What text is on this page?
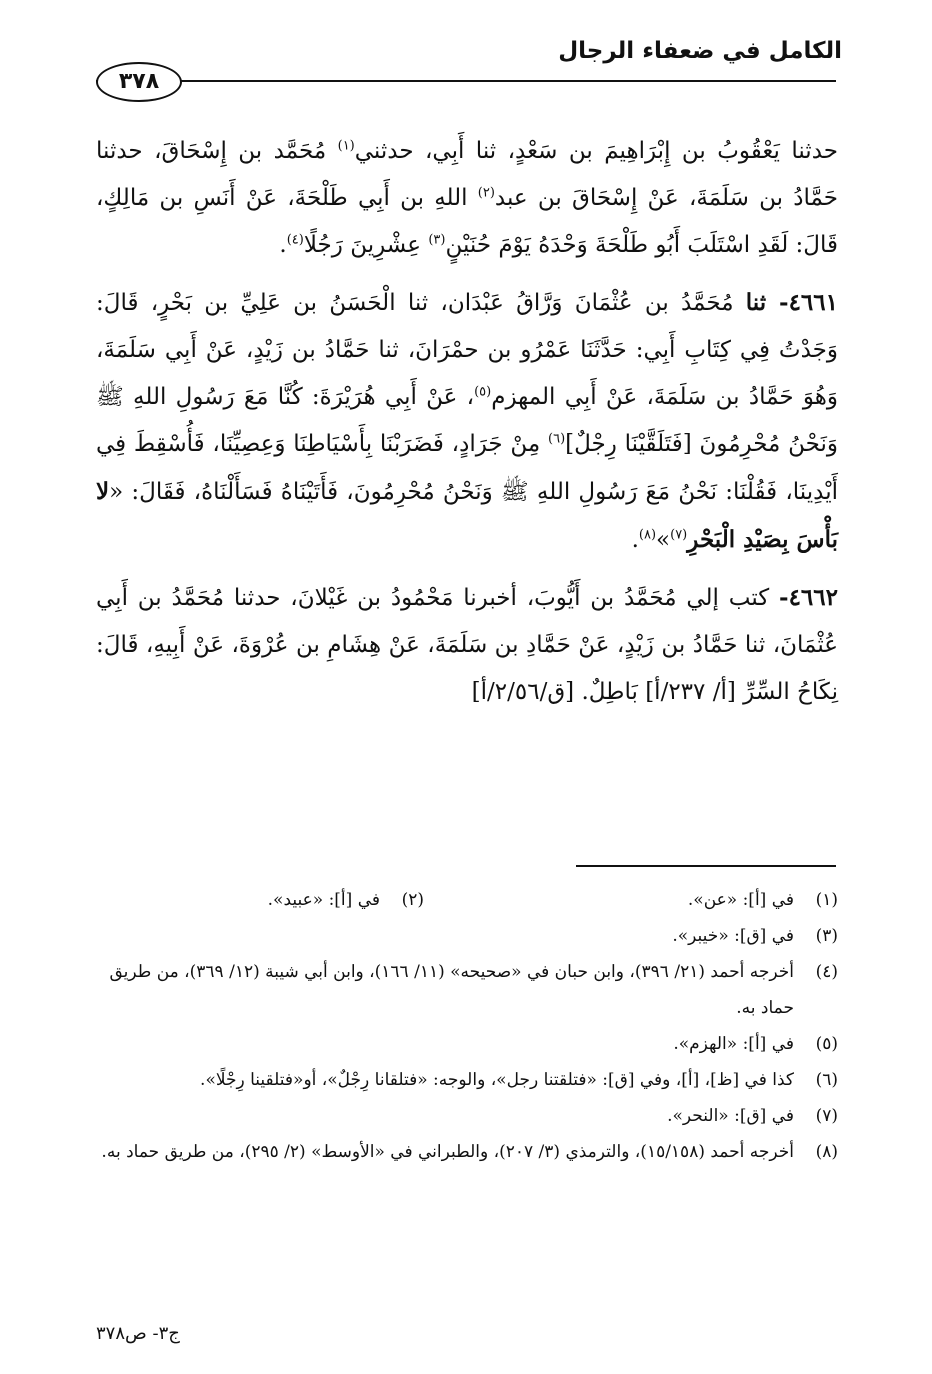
الكامل في ضعفاء الرجال
٣٧٨

حدثنا يَعْقُوبُ بن إِبْرَاهِيمَ بن سَعْدٍ، ثنا أَبِي، حدثني$^{(١)}$ مُحَمَّد بن إِسْحَاقَ، حدثنا حَمَّادُ بن سَلَمَةَ، عَنْ إِسْحَاقَ بن عبد$^{(٢)}$ اللهِ بن أَبِي طَلْحَةَ، عَنْ أَنَسِ بن مَالِكٍ، قَالَ: لَقَدِ اسْتَلَبَ أَبُو طَلْحَةَ وَحْدَهُ يَوْمَ حُنَيْنٍ$^{(٣)}$ عِشْرِينَ رَجُلًا$^{(٤)}$.

٤٦٦١- ثنا مُحَمَّدُ بن عُثْمَانَ وَرَّاقُ عَبْدَان، ثنا الْحَسَنُ بن عَلِيِّ بن بَحْرٍ، قَالَ: وَجَدْتُ فِي كِتَابِ أَبِي: حَدَّثَنَا عَمْرُو بن حمْرَانَ، ثنا حَمَّادُ بن زَيْدٍ، عَنْ أَبِي سَلَمَةَ، وَهُوَ حَمَّادُ بن سَلَمَةَ، عَنْ أَبِي المهزم$^{(٥)}$، عَنْ أَبِي هُرَيْرَةَ: كُنَّا مَعَ رَسُولِ اللهِ ﷺ وَنَحْنُ مُحْرِمُونَ [فَتَلَقَّيْنَا رِجْلٌ]$^{(٦)}$ مِنْ جَرَادٍ، فَضَرَبْنَا بِأَسْيَاطِنَا وَعِصِيِّنَا، فَأُسْقِطَ فِي أَيْدِينَا، فَقُلْنَا: نَحْنُ مَعَ رَسُولِ اللهِ ﷺ وَنَحْنُ مُحْرِمُونَ، فَأَتَيْنَاهُ فَسَأَلْنَاهُ، فَقَالَ: «لا بَأْسَ بِصَيْدِ الْبَحْرِ$^{(٧)}$»$^{(٨)}$.

٤٦٦٢- كتب إلي مُحَمَّدُ بن أَيُّوبَ، أخبرنا مَحْمُودُ بن غَيْلانَ، حدثنا مُحَمَّدُ بن أَبِي عُثْمَانَ، ثنا حَمَّادُ بن زَيْدٍ، عَنْ حَمَّادِ بن سَلَمَةَ، عَنْ هِشَامِ بن عُرْوَةَ، عَنْ أَبِيهِ، قَالَ: نِكَاحُ السِّرِّ [أ/ ٢٣٧/أ] بَاطِلٌ. [ق/٢/٥٦/أ]

(١)في [أ]: «عن».
(٢)في [أ]: «عبيد».
(٣)في [ق]: «خيبر».
(٤)أخرجه أحمد (٢١/ ٣٩٦)، وابن حبان في «صحيحه» (١١/ ١٦٦)، وابن أبي شيبة (١٢/ ٣٦٩)، من طريق حماد به.
(٥)في [أ]: «الهزم».
(٦)كذا في [ظ]، [أ]، وفي [ق]: «فتلقتنا رجل»، والوجه: «فتلقانا رِجْلٌ»، أو«فتلقينا رِجْلًا».
(٧)في [ق]: «النحر».
(٨)أخرجه أحمد (١٥/١٥٨)، والترمذي (٣/ ٢٠٧)، والطبراني في «الأوسط» (٢/ ٢٩٥)، من طريق حماد به.
ج٣- ص٣٧٨
